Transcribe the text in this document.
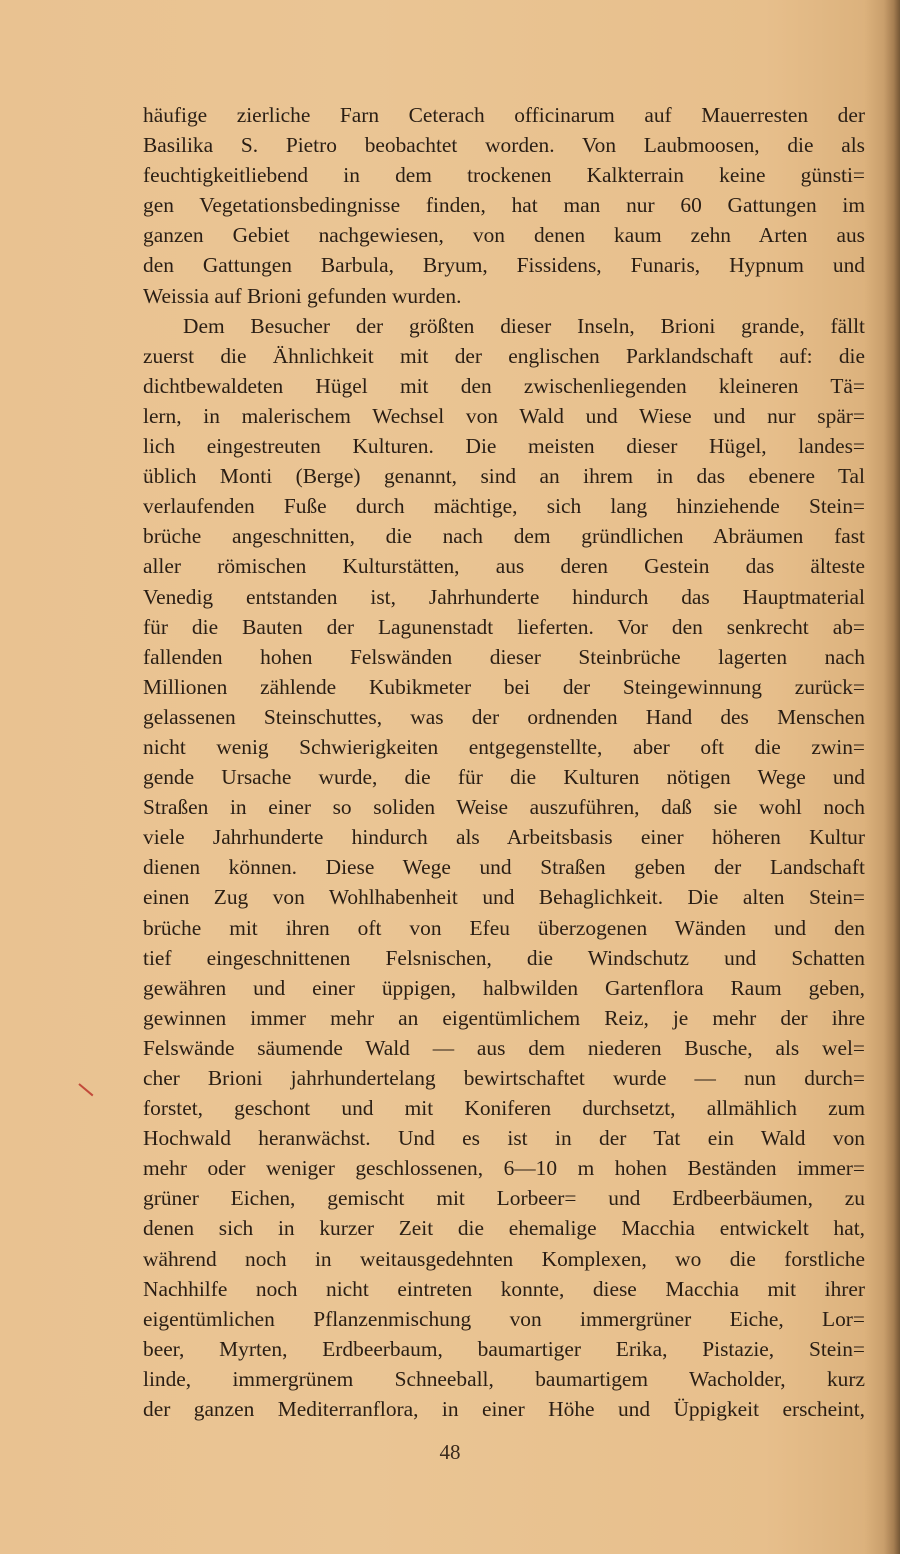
häufige zierliche Farn Ceterach officinarum auf Mauerresten der
Basilika S. Pietro beobachtet worden. Von Laubmoosen, die als
feuchtigkeitliebend in dem trockenen Kalkterrain keine günsti=
gen Vegetationsbedingnisse finden, hat man nur 60 Gattungen im
ganzen Gebiet nachgewiesen, von denen kaum zehn Arten aus
den Gattungen Barbula, Bryum, Fissidens, Funaris, Hypnum und
Weissia auf Brioni gefunden wurden.
Dem Besucher der größten dieser Inseln, Brioni grande, fällt
zuerst die Ähnlichkeit mit der englischen Parklandschaft auf: die
dichtbewaldeten Hügel mit den zwischenliegenden kleineren Tä=
lern, in malerischem Wechsel von Wald und Wiese und nur spär=
lich eingestreuten Kulturen. Die meisten dieser Hügel, landes=
üblich Monti (Berge) genannt, sind an ihrem in das ebenere Tal
verlaufenden Fuße durch mächtige, sich lang hinziehende Stein=
brüche angeschnitten, die nach dem gründlichen Abräumen fast
aller römischen Kulturstätten, aus deren Gestein das älteste
Venedig entstanden ist, Jahrhunderte hindurch das Hauptmaterial
für die Bauten der Lagunenstadt lieferten. Vor den senkrecht ab=
fallenden hohen Felswänden dieser Steinbrüche lagerten nach
Millionen zählende Kubikmeter bei der Steingewinnung zurück=
gelassenen Steinschuttes, was der ordnenden Hand des Menschen
nicht wenig Schwierigkeiten entgegenstellte, aber oft die zwin=
gende Ursache wurde, die für die Kulturen nötigen Wege und
Straßen in einer so soliden Weise auszuführen, daß sie wohl noch
viele Jahrhunderte hindurch als Arbeitsbasis einer höheren Kultur
dienen können. Diese Wege und Straßen geben der Landschaft
einen Zug von Wohlhabenheit und Behaglichkeit. Die alten Stein=
brüche mit ihren oft von Efeu überzogenen Wänden und den
tief eingeschnittenen Felsnischen, die Windschutz und Schatten
gewähren und einer üppigen, halbwilden Gartenflora Raum geben,
gewinnen immer mehr an eigentümlichem Reiz, je mehr der ihre
Felswände säumende Wald — aus dem niederen Busche, als wel=
cher Brioni jahrhundertelang bewirtschaftet wurde — nun durch=
forstet, geschont und mit Koniferen durchsetzt, allmählich zum
Hochwald heranwächst. Und es ist in der Tat ein Wald von
mehr oder weniger geschlossenen, 6—10 m hohen Beständen immer=
grüner Eichen, gemischt mit Lorbeer= und Erdbeerbäumen, zu
denen sich in kurzer Zeit die ehemalige Macchia entwickelt hat,
während noch in weitausgedehnten Komplexen, wo die forstliche
Nachhilfe noch nicht eintreten konnte, diese Macchia mit ihrer
eigentümlichen Pflanzenmischung von immergrüner Eiche, Lor=
beer, Myrten, Erdbeerbaum, baumartiger Erika, Pistazie, Stein=
linde, immergrünem Schneeball, baumartigem Wacholder, kurz
der ganzen Mediterranflora, in einer Höhe und Üppigkeit erscheint,
48
